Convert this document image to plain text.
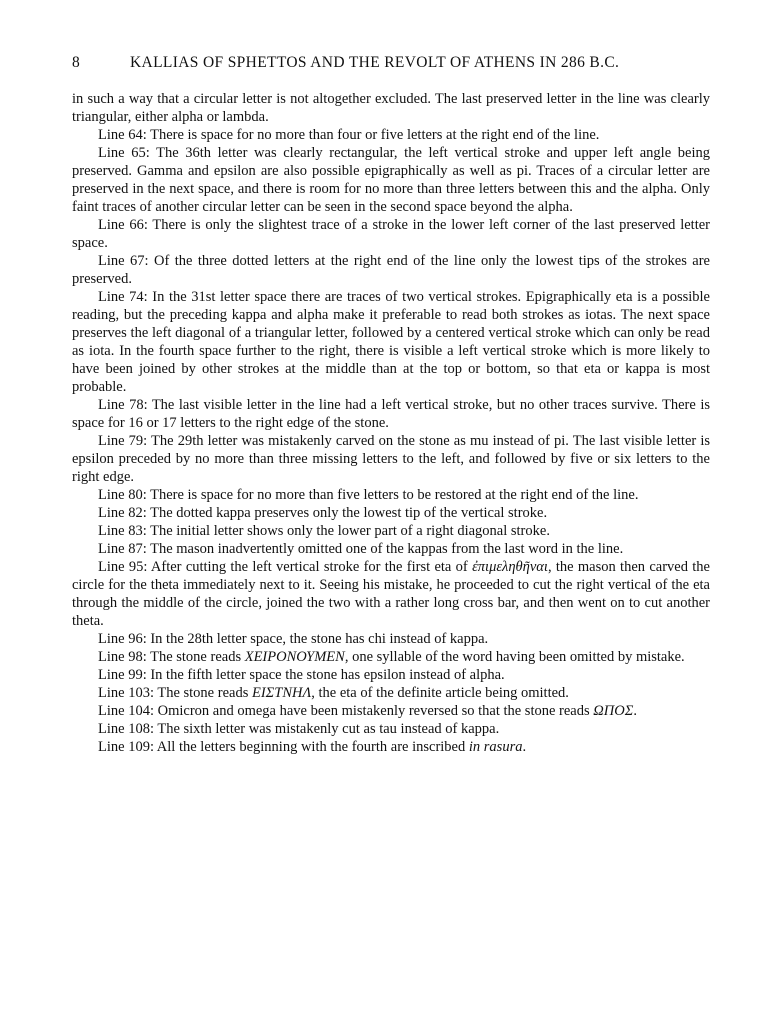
8	KALLIAS OF SPHETTOS AND THE REVOLT OF ATHENS IN 286 B.C.

in such a way that a circular letter is not altogether excluded. The last preserved letter in the line was clearly triangular, either alpha or lambda.

Line 64: There is space for no more than four or five letters at the right end of the line.

Line 65: The 36th letter was clearly rectangular, the left vertical stroke and upper left angle being preserved. Gamma and epsilon are also possible epigraphically as well as pi. Traces of a circular letter are preserved in the next space, and there is room for no more than three letters between this and the alpha. Only faint traces of another circular letter can be seen in the second space beyond the alpha.

Line 66: There is only the slightest trace of a stroke in the lower left corner of the last preserved letter space.

Line 67: Of the three dotted letters at the right end of the line only the lowest tips of the strokes are preserved.

Line 74: In the 31st letter space there are traces of two vertical strokes. Epigraphically eta is a possible reading, but the preceding kappa and alpha make it preferable to read both strokes as iotas. The next space preserves the left diagonal of a triangular letter, followed by a centered vertical stroke which can only be read as iota. In the fourth space further to the right, there is visible a left vertical stroke which is more likely to have been joined by other strokes at the middle than at the top or bottom, so that eta or kappa is most probable.

Line 78: The last visible letter in the line had a left vertical stroke, but no other traces survive. There is space for 16 or 17 letters to the right edge of the stone.

Line 79: The 29th letter was mistakenly carved on the stone as mu instead of pi. The last visible letter is epsilon preceded by no more than three missing letters to the left, and followed by five or six letters to the right edge.

Line 80: There is space for no more than five letters to be restored at the right end of the line.

Line 82: The dotted kappa preserves only the lowest tip of the vertical stroke.

Line 83: The initial letter shows only the lower part of a right diagonal stroke.

Line 87: The mason inadvertently omitted one of the kappas from the last word in the line.

Line 95: After cutting the left vertical stroke for the first eta of ἐπιμεληθῆναι, the mason then carved the circle for the theta immediately next to it. Seeing his mistake, he proceeded to cut the right vertical of the eta through the middle of the circle, joined the two with a rather long cross bar, and then went on to cut another theta.

Line 96: In the 28th letter space, the stone has chi instead of kappa.

Line 98: The stone reads ΧΕΙΡΟΝΟΥΜΕΝ, one syllable of the word having been omitted by mistake.

Line 99: In the fifth letter space the stone has epsilon instead of alpha.

Line 103: The stone reads ΕΙΣΤΝΗΛ, the eta of the definite article being omitted.

Line 104: Omicron and omega have been mistakenly reversed so that the stone reads ΩΠΟΣ.

Line 108: The sixth letter was mistakenly cut as tau instead of kappa.

Line 109: All the letters beginning with the fourth are inscribed in rasura.
